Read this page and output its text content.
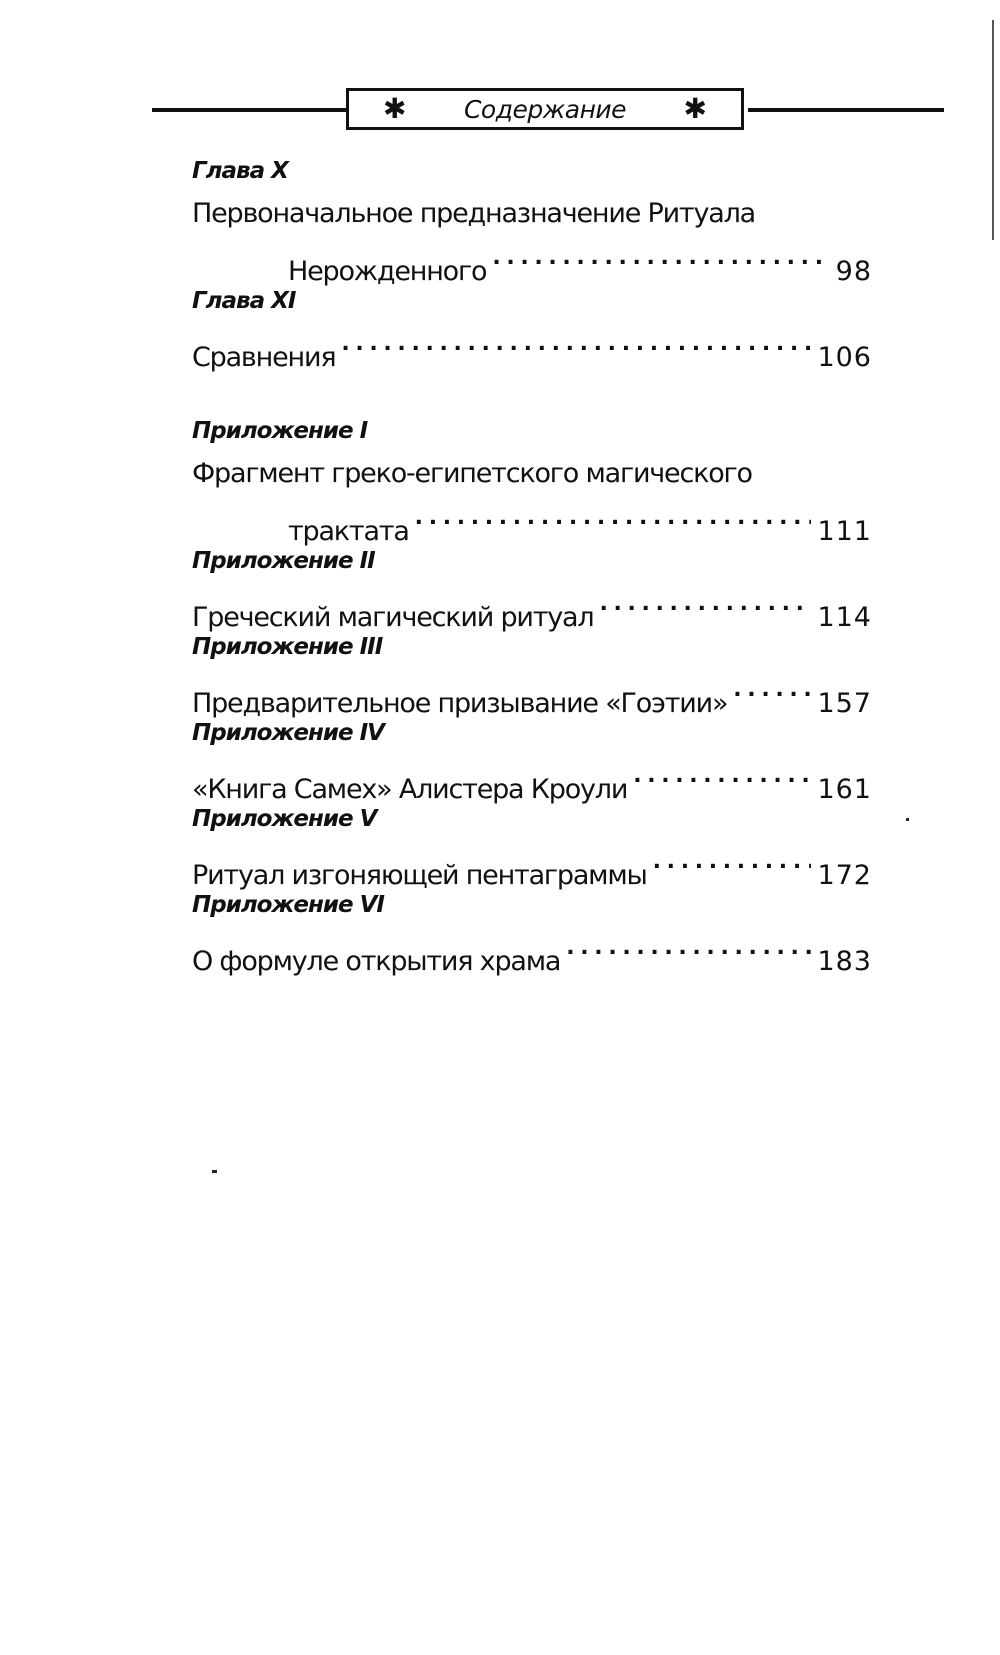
✱ Содержание ✱
Глава X
Первоначальное предназначение Ритуала
Нерожденного . . .	98
Глава XI
Сравнения . . .	106
Приложение I
Фрагмент греко-египетского магического
трактата . . .	111
Приложение II
Греческий магический ритуал . . .	114
Приложение III
Предварительное призывание «Гоэтии» . . .	157
Приложение IV
«Книга Самех» Алистера Кроули . . .	161
Приложение V
Ритуал изгоняющей пентаграммы . . .	172
Приложение VI
О формуле открытия храма . . .	183
